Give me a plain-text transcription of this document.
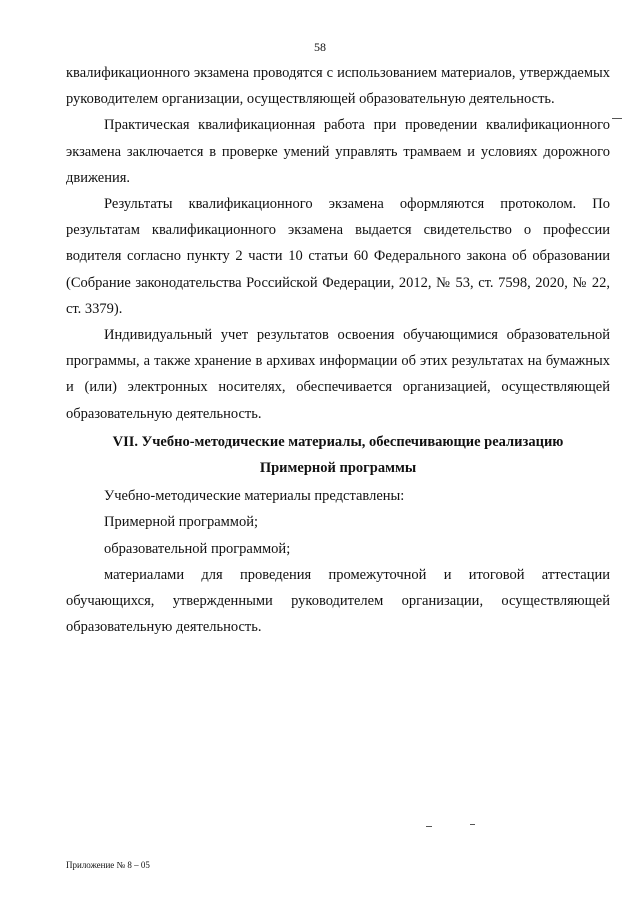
58

квалификационного экзамена проводятся с использованием материалов, утверждаемых руководителем организации, осуществляющей образовательную деятельность.

Практическая квалификационная работа при проведении квалификационного экзамена заключается в проверке умений управлять трамваем и условиях дорожного движения.

Результаты квалификационного экзамена оформляются протоколом. По результатам квалификационного экзамена выдается свидетельство о профессии водителя согласно пункту 2 части 10 статьи 60 Федерального закона об образовании (Собрание законодательства Российской Федерации, 2012, № 53, ст. 7598, 2020, № 22, ст. 3379).

Индивидуальный учет результатов освоения обучающимися образовательной программы, а также хранение в архивах информации об этих результатах на бумажных и (или) электронных носителях, обеспечивается организацией, осуществляющей образовательную деятельность.

VII. Учебно-методические материалы, обеспечивающие реализацию

Примерной программы

Учебно-методические материалы представлены:

Примерной программой;

образовательной программой;

материалами для проведения промежуточной и итоговой аттестации обучающихся, утвержденными руководителем организации, осуществляющей образовательную деятельность.

Приложение № 8 – 05
